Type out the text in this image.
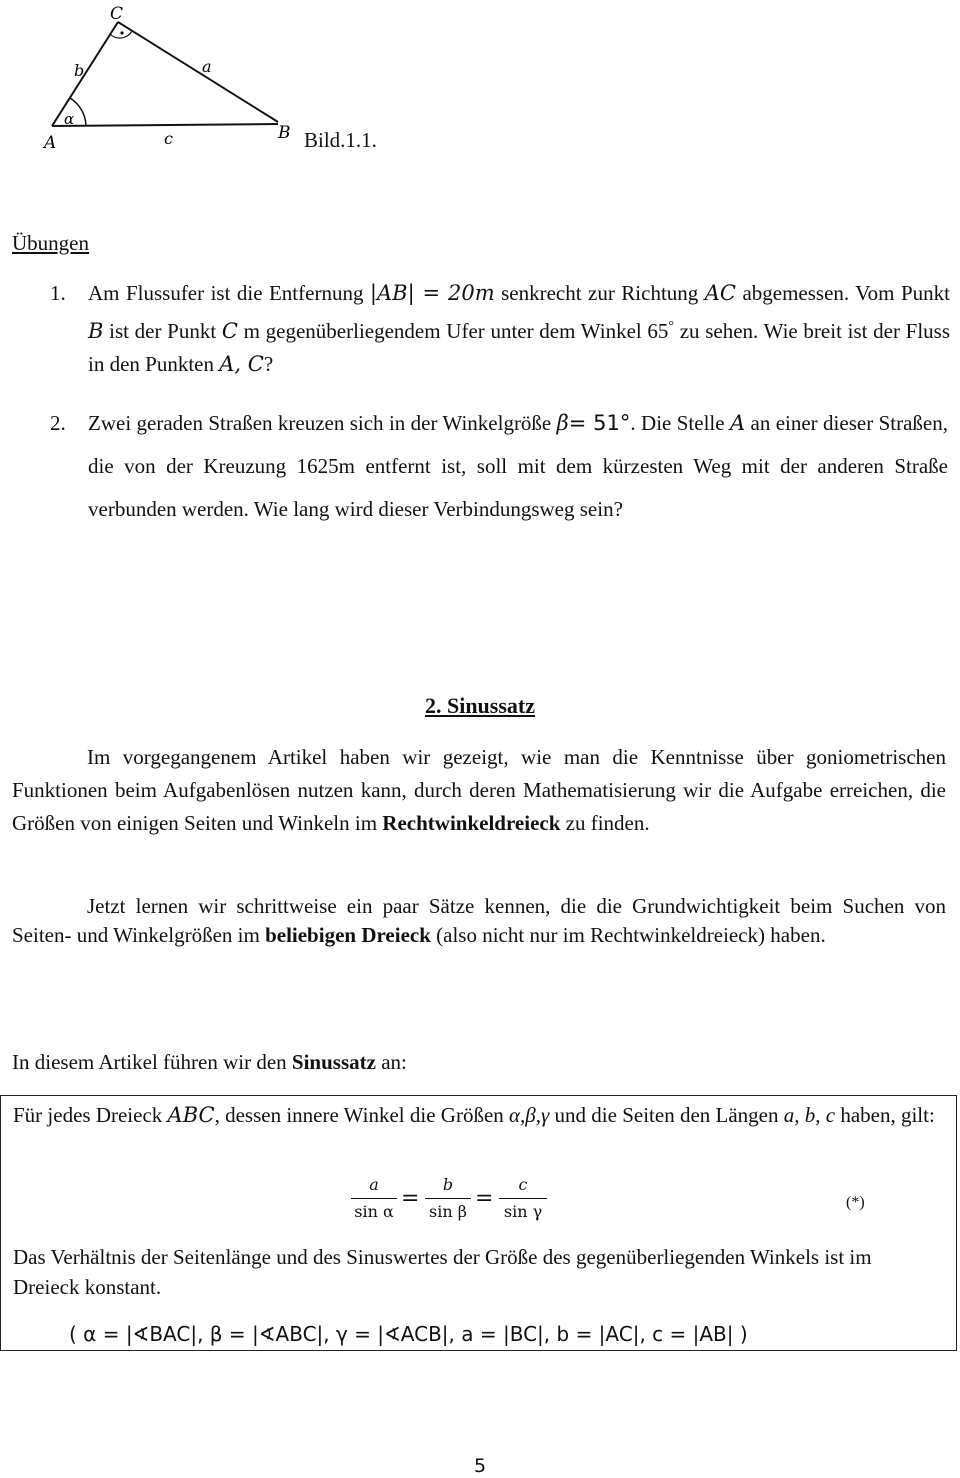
C
A	B
a
b
c
α
Bild.1.1.
Übungen
1. Am Flussufer ist die Entfernung |AB| = 20m senkrecht zur Richtung AC abgemessen. Vom Punkt B ist der Punkt C m gegenüberliegendem Ufer unter dem Winkel 65° zu sehen. Wie breit ist der Fluss in den Punkten A, C?
2. Zwei geraden Straßen kreuzen sich in der Winkelgröße β= 51°. Die Stelle A an einer dieser Straßen, die von der Kreuzung 1625m entfernt ist, soll mit dem kürzesten Weg mit der anderen Straße verbunden werden. Wie lang wird dieser Verbindungsweg sein?
2. Sinussatz
Im vorgegangenem Artikel haben wir gezeigt, wie man die Kenntnisse über goniometrischen Funktionen beim Aufgabenlösen nutzen kann, durch deren Mathematisierung wir die Aufgabe erreichen, die Größen von einigen Seiten und Winkeln im Rechtwinkeldreieck zu finden.
Jetzt lernen wir schrittweise ein paar Sätze kennen, die die Grundwichtigkeit beim Suchen von Seiten- und Winkelgrößen im beliebigen Dreieck (also nicht nur im Rechtwinkeldreieck) haben.
In diesem Artikel führen wir den Sinussatz an:
Für jedes Dreieck ABC, dessen innere Winkel die Größen α,β,γ und die Seiten den Längen a, b, c haben, gilt:
a
sin α
=
b
sin β
=
c
sin γ	(*)
Das Verhältnis der Seitenlänge und des Sinuswertes der Größe des gegenüberliegenden Winkels ist im Dreieck konstant.
( α = |∢BAC|, β = |∢ABC|, γ = |∢ACB|, a = |BC|, b = |AC|, c = |AB| )
5
